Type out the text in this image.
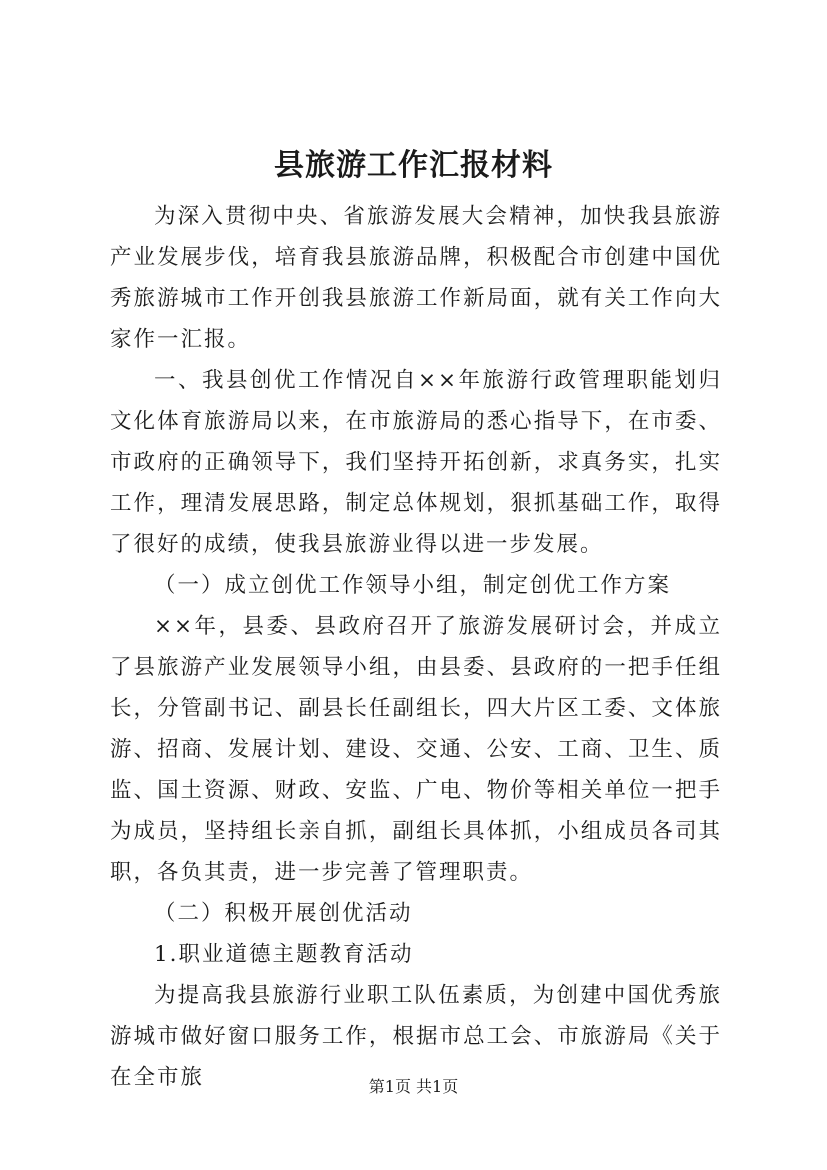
县旅游工作汇报材料

为深入贯彻中央、省旅游发展大会精神，加快我县旅游产业发展步伐，培育我县旅游品牌，积极配合市创建中国优秀旅游城市工作开创我县旅游工作新局面，就有关工作向大家作一汇报。

一、我县创优工作情况自××年旅游行政管理职能划归文化体育旅游局以来，在市旅游局的悉心指导下，在市委、市政府的正确领导下，我们坚持开拓创新，求真务实，扎实工作，理清发展思路，制定总体规划，狠抓基础工作，取得了很好的成绩，使我县旅游业得以进一步发展。

（一）成立创优工作领导小组，制定创优工作方案

××年，县委、县政府召开了旅游发展研讨会，并成立了县旅游产业发展领导小组，由县委、县政府的一把手任组长，分管副书记、副县长任副组长，四大片区工委、文体旅游、招商、发展计划、建设、交通、公安、工商、卫生、质监、国土资源、财政、安监、广电、物价等相关单位一把手为成员，坚持组长亲自抓，副组长具体抓，小组成员各司其职，各负其责，进一步完善了管理职责。

（二）积极开展创优活动

1.职业道德主题教育活动

为提高我县旅游行业职工队伍素质，为创建中国优秀旅游城市做好窗口服务工作，根据市总工会、市旅游局《关于在全市旅	第1页 共1页
